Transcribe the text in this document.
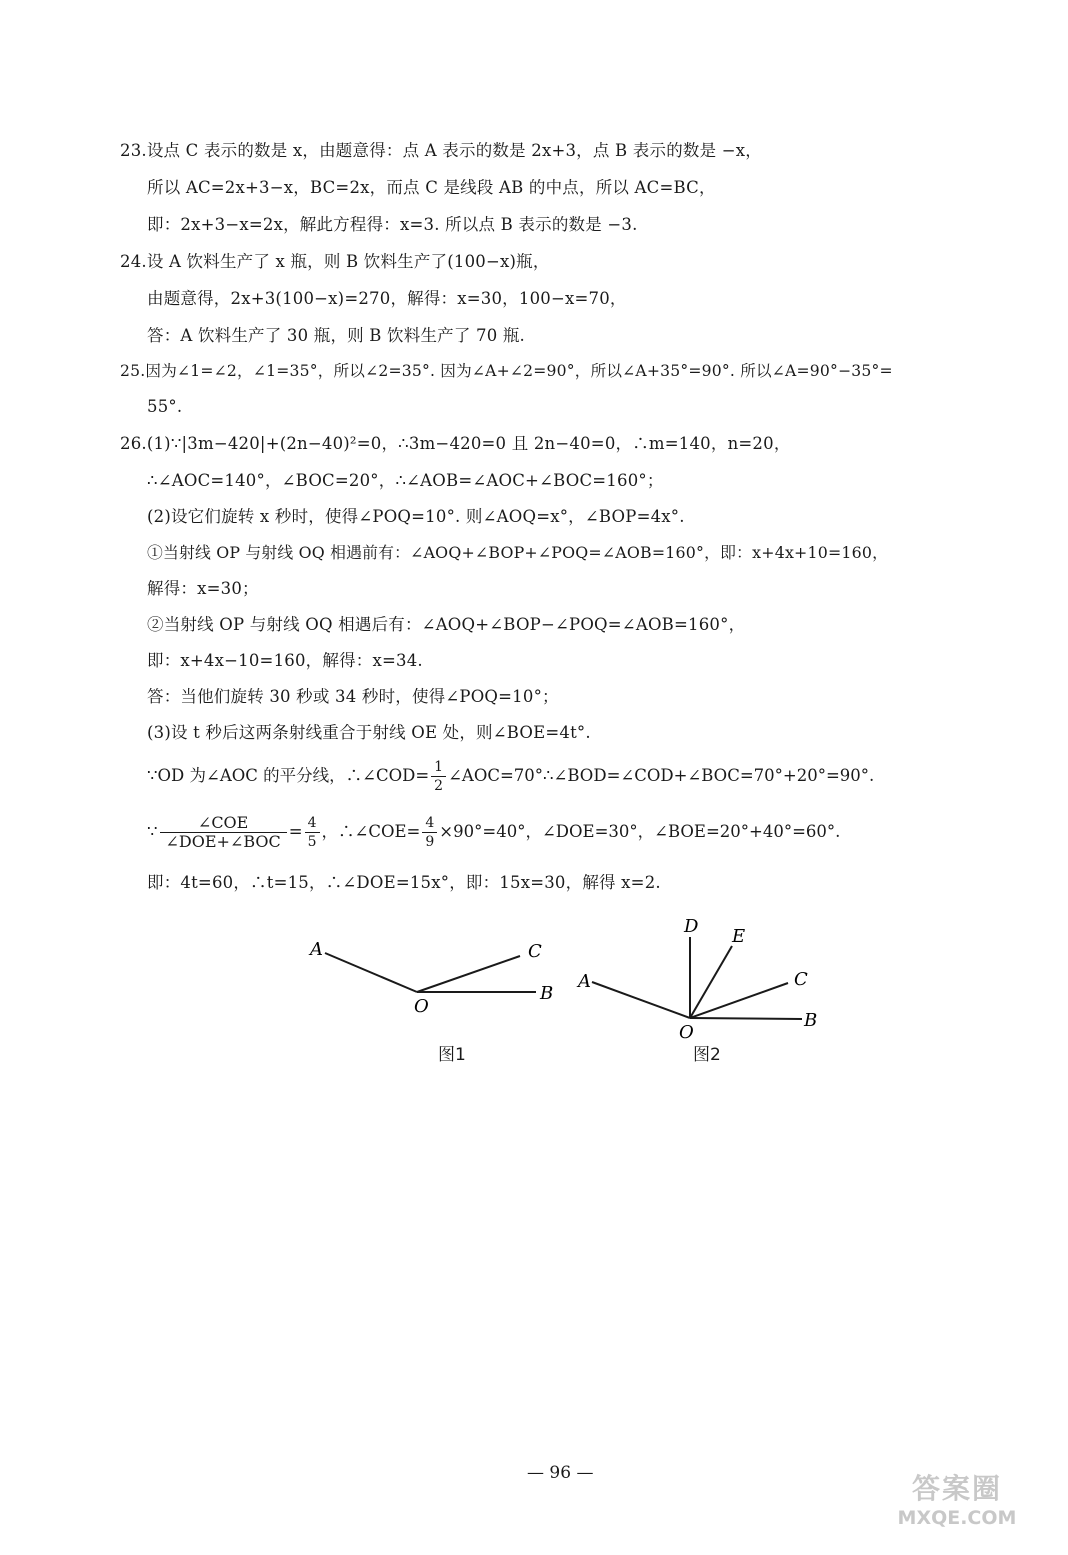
23.设点 C 表示的数是 x，由题意得：点 A 表示的数是 2x+3，点 B 表示的数是 −x，
所以 AC=2x+3−x，BC=2x，而点 C 是线段 AB 的中点，所以 AC=BC，
即：2x+3−x=2x，解此方程得：x=3. 所以点 B 表示的数是 −3.
24.设 A 饮料生产了 x 瓶，则 B 饮料生产了(100−x)瓶，
由题意得，2x+3(100−x)=270，解得：x=30，100−x=70，
答：A 饮料生产了 30 瓶，则 B 饮料生产了 70 瓶.
25.因为∠1=∠2，∠1=35°，所以∠2=35°. 因为∠A+∠2=90°，所以∠A+35°=90°. 所以∠A=90°−35°=
55°.
26.(1)∵|3m−420|+(2n−40)²=0，∴3m−420=0 且 2n−40=0，∴m=140，n=20，
∴∠AOC=140°，∠BOC=20°，∴∠AOB=∠AOC+∠BOC=160°；
(2)设它们旋转 x 秒时，使得∠POQ=10°. 则∠AOQ=x°，∠BOP=4x°.
①当射线 OP 与射线 OQ 相遇前有：∠AOQ+∠BOP+∠POQ=∠AOB=160°，即：x+4x+10=160，
解得：x=30；
②当射线 OP 与射线 OQ 相遇后有：∠AOQ+∠BOP−∠POQ=∠AOB=160°，
即：x+4x−10=160，解得：x=34.
答：当他们旋转 30 秒或 34 秒时，使得∠POQ=10°；
(3)设 t 秒后这两条射线重合于射线 OE 处，则∠BOE=4t°.
∵OD 为∠AOC 的平分线，∴∠COD= $\frac{1}{2}$ ∠AOC=70°∴∠BOD=∠COD+∠BOC=70°+20°=90°.
∵ $\frac{\text{∠COE}}{\text{∠DOE+∠BOC}} = \frac{4}{5}$ ，∴∠COE= $\frac{4}{9} \times 90^\circ=40^\circ$，∠DOE=30°，∠BOE=20°+40°=60°.
即：4t=60，∴t=15，∴∠DOE=15x°，即：15x=30，解得 x=2.
A	C
O
B
图1
D E
A	C
O
B
图2
— 96 —	答案圈
MXQE.COM
